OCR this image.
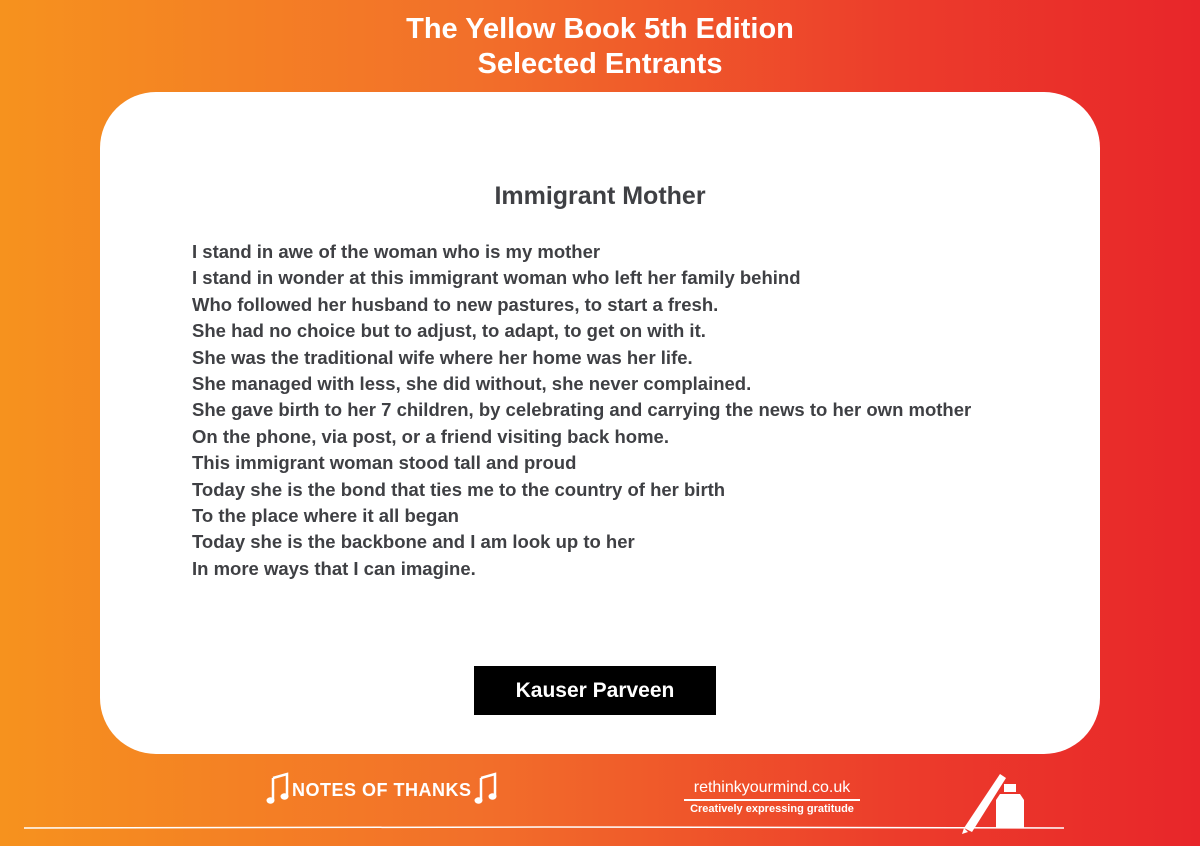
The Yellow Book 5th Edition
Selected Entrants
Immigrant Mother
I stand in awe of the woman who is my mother
I stand in wonder at this immigrant woman who left her family behind
Who followed her husband to new pastures, to start a fresh.
She had no choice but to adjust, to adapt, to get on with it.
She was the traditional wife where her home was her life.
She managed with less, she did without, she never complained.
She gave birth to her 7 children, by celebrating and carrying the news to her own mother
On the phone, via post, or a friend visiting back home.
This immigrant woman stood tall and proud
Today she is the bond that ties me to the country of her birth
To the place where it all began
Today she is the backbone and I am look up to her
In more ways that I can imagine.
Kauser Parveen
NOTES OF THANKS	rethinkyourmind.co.uk
Creatively expressing gratitude
